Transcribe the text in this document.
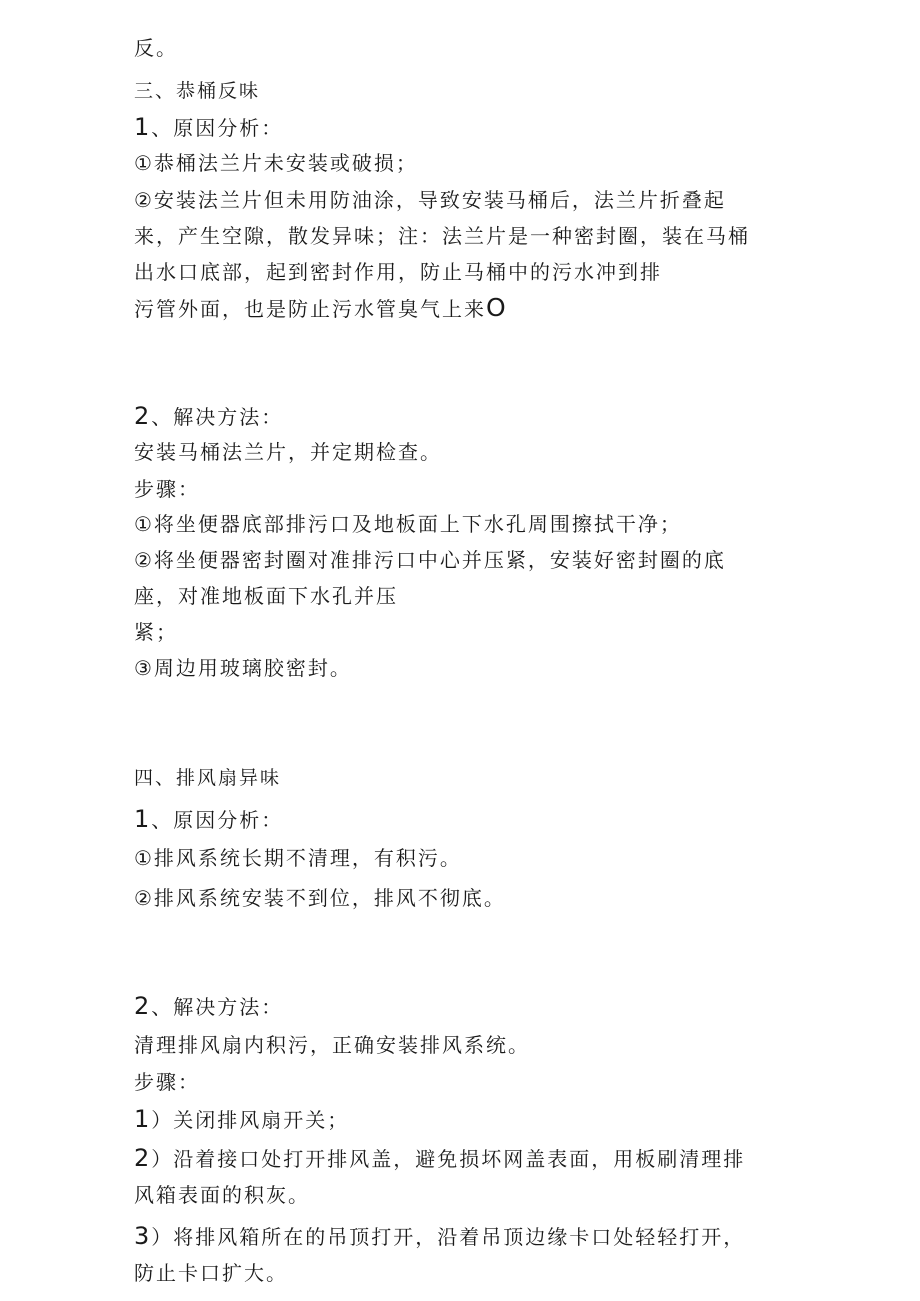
反。

三、恭桶反味

1 、原因分析：

①恭桶法兰片未安装或破损；

②安装法兰片但未用防油涂，导致安装马桶后，法兰片折叠起

来，产生空隙，散发异味；注：法兰片是一种密封圈，装在马桶

出水口底部，起到密封作用，防止马桶中的污水冲到排

污管外面，也是防止污水管臭气上来O

2 、解决方法：

安装马桶法兰片，并定期检查。

步骤：

①将坐便器底部排污口及地板面上下水孔周围擦拭干净；

②将坐便器密封圈对准排污口中心并压紧，安装好密封圈的底

座，对准地板面下水孔并压

紧；

③周边用玻璃胶密封。

四、排风扇异味

1 、原因分析：

①排风系统长期不清理，有积污。

②排风系统安装不到位，排风不彻底。

2 、解决方法：

清理排风扇内积污，正确安装排风系统。

步骤：

1 ）关闭排风扇开关；

2 ）沿着接口处打开排风盖，避免损坏网盖表面，用板刷清理排

风箱表面的积灰。

3 ）将排风箱所在的吊顶打开，沿着吊顶边缘卡口处轻轻打开，

防止卡口扩大。
